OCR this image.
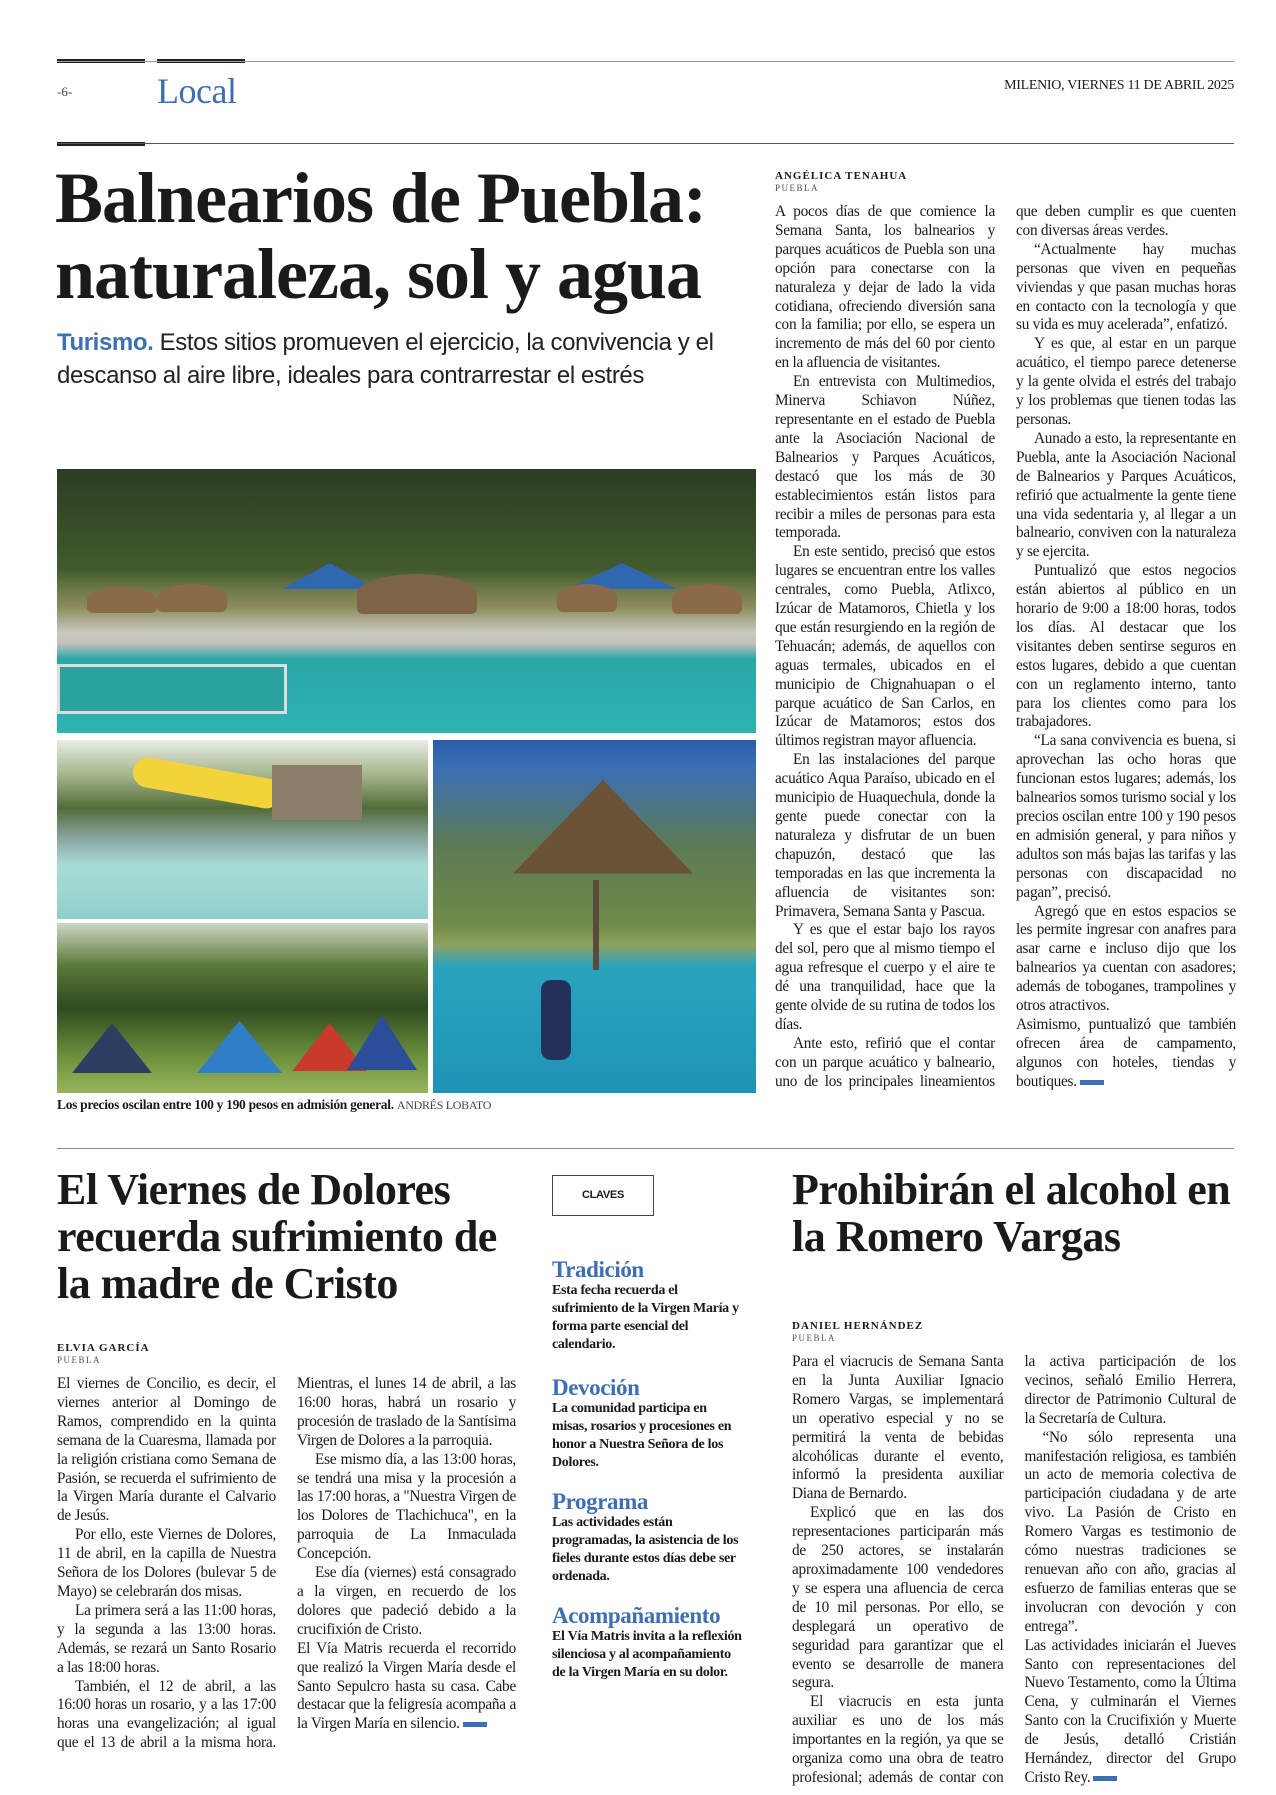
-6- Local	MILENIO, VIERNES 11 DE ABRIL 2025
Balnearios de Puebla: naturaleza, sol y agua
Turismo. Estos sitios promueven el ejercicio, la convivencia y el descanso al aire libre, ideales para contrarrestar el estrés
Los precios oscilan entre 100 y 190 pesos en admisión general. ANDRÉS LOBATO
ANGÉLICA TENAHUA
PUEBLA

A pocos días de que comience la Semana Santa, los balnearios y parques acuáticos de Puebla son una opción para conectarse con la naturaleza y dejar de lado la vida cotidiana, ofreciendo diversión sana con la familia; por ello, se espera un incremento de más del 60 por ciento en la afluencia de visitantes.

En entrevista con Multimedios, Minerva Schiavon Núñez, representante en el estado de Puebla ante la Asociación Nacional de Balnearios y Parques Acuáticos, destacó que los más de 30 establecimientos están listos para recibir a miles de personas para esta temporada.

En este sentido, precisó que estos lugares se encuentran entre los valles centrales, como Puebla, Atlixco, Izúcar de Matamoros, Chietla y los que están resurgiendo en la región de Tehuacán; además, de aquellos con aguas termales, ubicados en el municipio de Chignahuapan o el parque acuático de San Carlos, en Izúcar de Matamoros; estos dos últimos registran mayor afluencia.

En las instalaciones del parque acuático Aqua Paraíso, ubicado en el municipio de Huaquechula, donde la gente puede conectar con la naturaleza y disfrutar de un buen chapuzón, destacó que las temporadas en las que incrementa la afluencia de visitantes son: Primavera, Semana Santa y Pascua.

Y es que el estar bajo los rayos del sol, pero que al mismo tiempo el agua refresque el cuerpo y el aire te dé una tranquilidad, hace que la gente olvide de su rutina de todos los días.

Ante esto, refirió que el contar con un parque acuático y balneario, uno de los principales lineamientos que deben cumplir es que cuenten con diversas áreas verdes.

“Actualmente hay muchas personas que viven en pequeñas viviendas y que pasan muchas horas en contacto con la tecnología y que su vida es muy acelerada”, enfatizó.

Y es que, al estar en un parque acuático, el tiempo parece detenerse y la gente olvida el estrés del trabajo y los problemas que tienen todas las personas.

Aunado a esto, la representante en Puebla, ante la Asociación Nacional de Balnearios y Parques Acuáticos, refirió que actualmente la gente tiene una vida sedentaria y, al llegar a un balneario, conviven con la naturaleza y se ejercita.

Puntualizó que estos negocios están abiertos al público en un horario de 9:00 a 18:00 horas, todos los días. Al destacar que los visitantes deben sentirse seguros en estos lugares, debido a que cuentan con un reglamento interno, tanto para los clientes como para los trabajadores.

“La sana convivencia es buena, si aprovechan las ocho horas que funcionan estos lugares; además, los balnearios somos turismo social y los precios oscilan entre 100 y 190 pesos en admisión general, y para niños y adultos son más bajas las tarifas y las personas con discapacidad no pagan”, precisó.

Agregó que en estos espacios se les permite ingresar con anafres para asar carne e incluso dijo que los balnearios ya cuentan con asadores; además de toboganes, trampolines y otros atractivos.

Asimismo, puntualizó que también ofrecen área de campamento, algunos con hoteles, tiendas y boutiques.

El Viernes de Dolores recuerda sufrimiento de la madre de Cristo
ELVIA GARCÍA
PUEBLA

El viernes de Concilio, es decir, el viernes anterior al Domingo de Ramos, comprendido en la quinta semana de la Cuaresma, llamada por la religión cristiana como Semana de Pasión, se recuerda el sufrimiento de la Virgen María durante el Calvario de Jesús.

Por ello, este Viernes de Dolores, 11 de abril, en la capilla de Nuestra Señora de los Dolores (bulevar 5 de Mayo) se celebrarán dos misas.

La primera será a las 11:00 horas, y la segunda a las 13:00 horas. Además, se rezará un Santo Rosario a las 18:00 horas.

También, el 12 de abril, a las 16:00 horas un rosario, y a las 17:00 horas una evangelización; al igual que el 13 de abril a la misma hora. Mientras, el lunes 14 de abril, a las 16:00 horas, habrá un rosario y procesión de traslado de la Santísima Virgen de Dolores a la parroquia.

Ese mismo día, a las 13:00 horas, se tendrá una misa y la procesión a las 17:00 horas, a "Nuestra Virgen de los Dolores de Tlachichuca", en la parroquia de La Inmaculada Concepción.

Ese día (viernes) está consagrado a la virgen, en recuerdo de los dolores que padeció debido a la crucifixión de Cristo.

El Vía Matris recuerda el recorrido que realizó la Virgen María desde el Santo Sepulcro hasta su casa. Cabe destacar que la feligresía acompaña a la Virgen María en silencio.

CLAVES
Tradición

Esta fecha recuerda el sufrimiento de la Virgen María y forma parte esencial del calendario.

Devoción

La comunidad participa en misas, rosarios y procesiones en honor a Nuestra Señora de los Dolores.

Programa

Las actividades están programadas, la asistencia de los fieles durante estos días debe ser ordenada.

Acompañamiento

El Vía Matris invita a la reflexión silenciosa y al acompañamiento de la Virgen María en su dolor.

Prohibirán el alcohol en la Romero Vargas
DANIEL HERNÁNDEZ
PUEBLA

Para el viacrucis de Semana Santa en la Junta Auxiliar Ignacio Romero Vargas, se implementará un operativo especial y no se permitirá la venta de bebidas alcohólicas durante el evento, informó la presidenta auxiliar Diana de Bernardo.

Explicó que en las dos representaciones participarán más de 250 actores, se instalarán aproximadamente 100 vendedores y se espera una afluencia de cerca de 10 mil personas. Por ello, se desplegará un operativo de seguridad para garantizar que el evento se desarrolle de manera segura.

El viacrucis en esta junta auxiliar es uno de los más importantes en la región, ya que se organiza como una obra de teatro profesional; además de contar con la activa participación de los vecinos, señaló Emilio Herrera, director de Patrimonio Cultural de la Secretaría de Cultura.

“No sólo representa una manifestación religiosa, es también un acto de memoria colectiva de participación ciudadana y de arte vivo. La Pasión de Cristo en Romero Vargas es testimonio de cómo nuestras tradiciones se renuevan año con año, gracias al esfuerzo de familias enteras que se involucran con devoción y con entrega”.

Las actividades iniciarán el Jueves Santo con representaciones del Nuevo Testamento, como la Última Cena, y culminarán el Viernes Santo con la Crucifixión y Muerte de Jesús, detalló Cristián Hernández, director del Grupo Cristo Rey.
